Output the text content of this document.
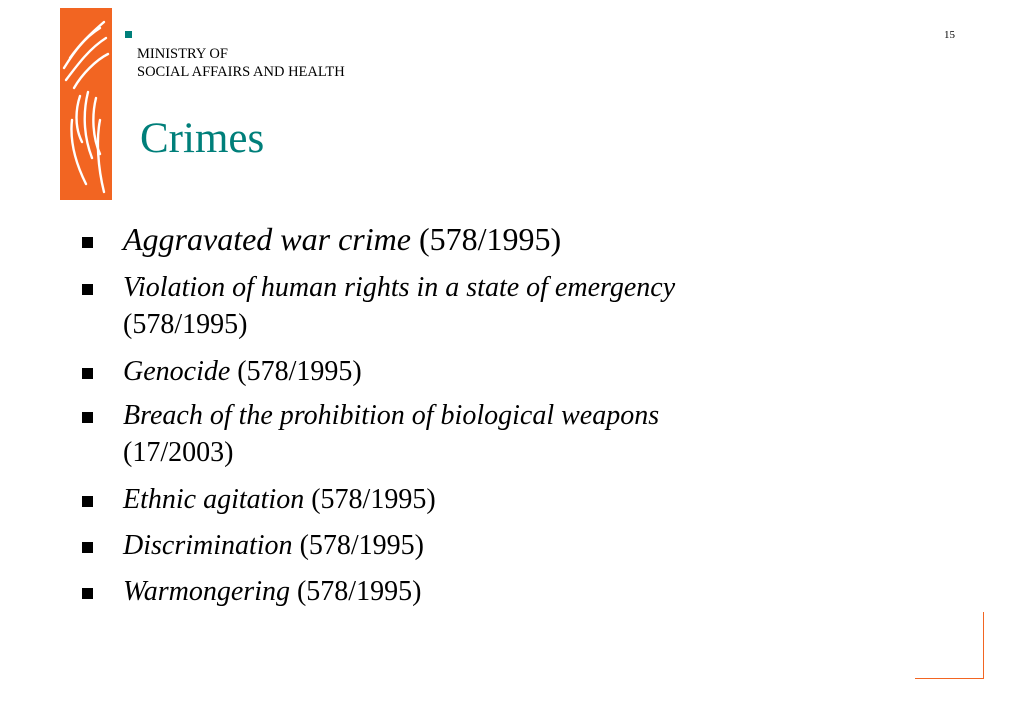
MINISTRY OF
SOCIAL AFFAIRS AND HEALTH
15
Crimes
Aggravated war crime (578/1995)
Violation of human rights in a state of emergency
(578/1995)
Genocide (578/1995)
Breach of the prohibition of biological weapons
(17/2003)
Ethnic agitation (578/1995)
Discrimination (578/1995)
Warmongering (578/1995)
